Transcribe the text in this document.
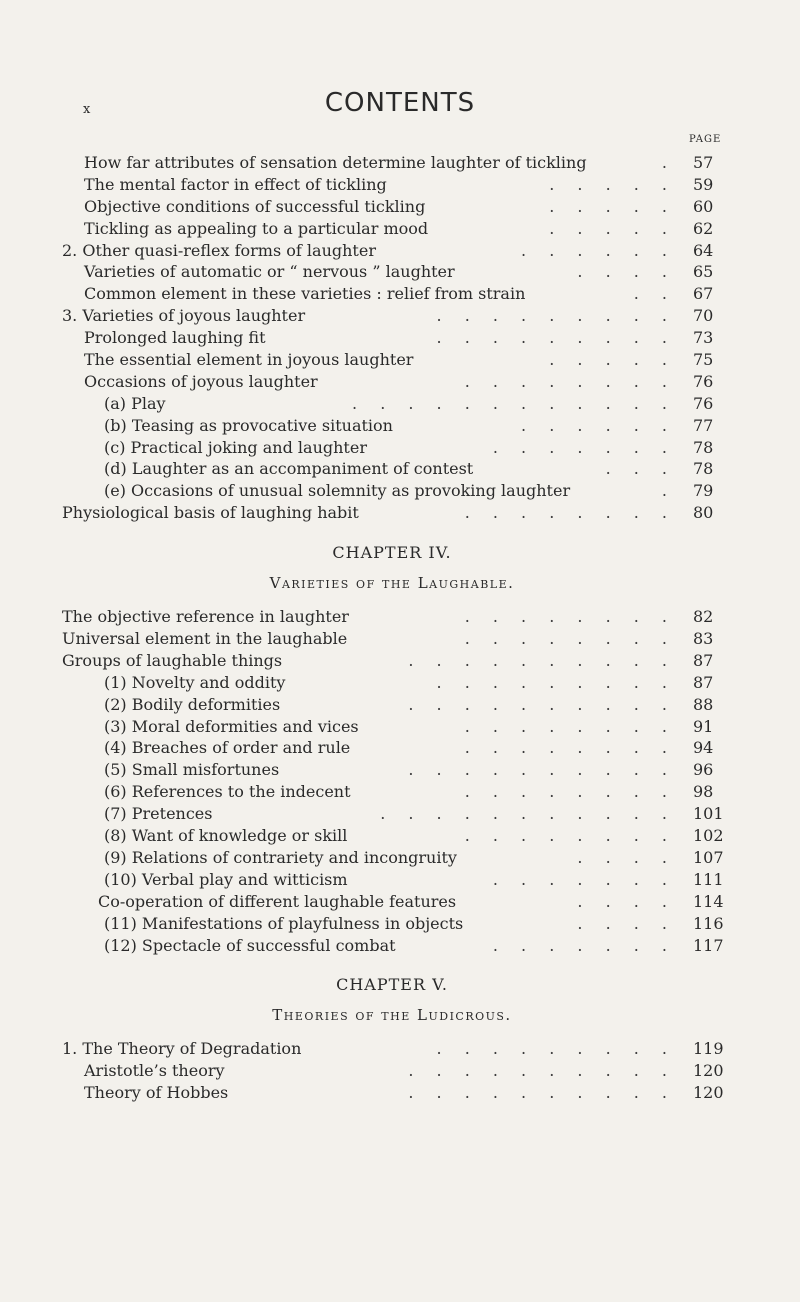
x	CONTENTS
PAGE
How far attributes of sensation determine laughter of tickling	. 57
The mental factor in effect of tickling	. . . . . 59
Objective conditions of successful tickling	. . . . . 60
Tickling as appealing to a particular mood	. . . . . 62
2. Other quasi-reflex forms of laughter	. . . . . . 64
Varieties of automatic or “ nervous ” laughter	. . . . 65
Common element in these varieties : relief from strain	. . 67
3. Varieties of joyous laughter	. . . . . . . . . 70
Prolonged laughing fit	. . . . . . . . . 73
The essential element in joyous laughter	. . . . . 75
Occasions of joyous laughter	. . . . . . . . 76
(a) Play	. . . . . . . . . . . . 76
(b) Teasing as provocative situation	. . . . . . 77
(c) Practical joking and laughter	. . . . . . . 78
(d) Laughter as an accompaniment of contest	. . . 78
(e) Occasions of unusual solemnity as provoking laughter	. 79
Physiological basis of laughing habit	. . . . . . . . 80
CHAPTER IV.
Varieties of the Laughable.
The objective reference in laughter	. . . . . . . . 82
Universal element in the laughable	. . . . . . . . 83
Groups of laughable things	. . . . . . . . . . 87
(1) Novelty and oddity	. . . . . . . . . 87
(2) Bodily deformities	. . . . . . . . . . 88
(3) Moral deformities and vices	. . . . . . . . 91
(4) Breaches of order and rule	. . . . . . . . 94
(5) Small misfortunes	. . . . . . . . . . 96
(6) References to the indecent	. . . . . . . . 98
(7) Pretences	. . . . . . . . . . . 101
(8) Want of knowledge or skill	. . . . . . . . 102
(9) Relations of contrariety and incongruity	. . . . 107
(10) Verbal play and witticism	. . . . . . . 111
Co-operation of different laughable features	. . . . 114
(11) Manifestations of playfulness in objects	. . . . 116
(12) Spectacle of successful combat	. . . . . . . 117
CHAPTER V.
Theories of the Ludicrous.
1. The Theory of Degradation	. . . . . . . . . 119
Aristotle’s theory	. . . . . . . . . . 120
Theory of Hobbes	. . . . . . . . . . 120
